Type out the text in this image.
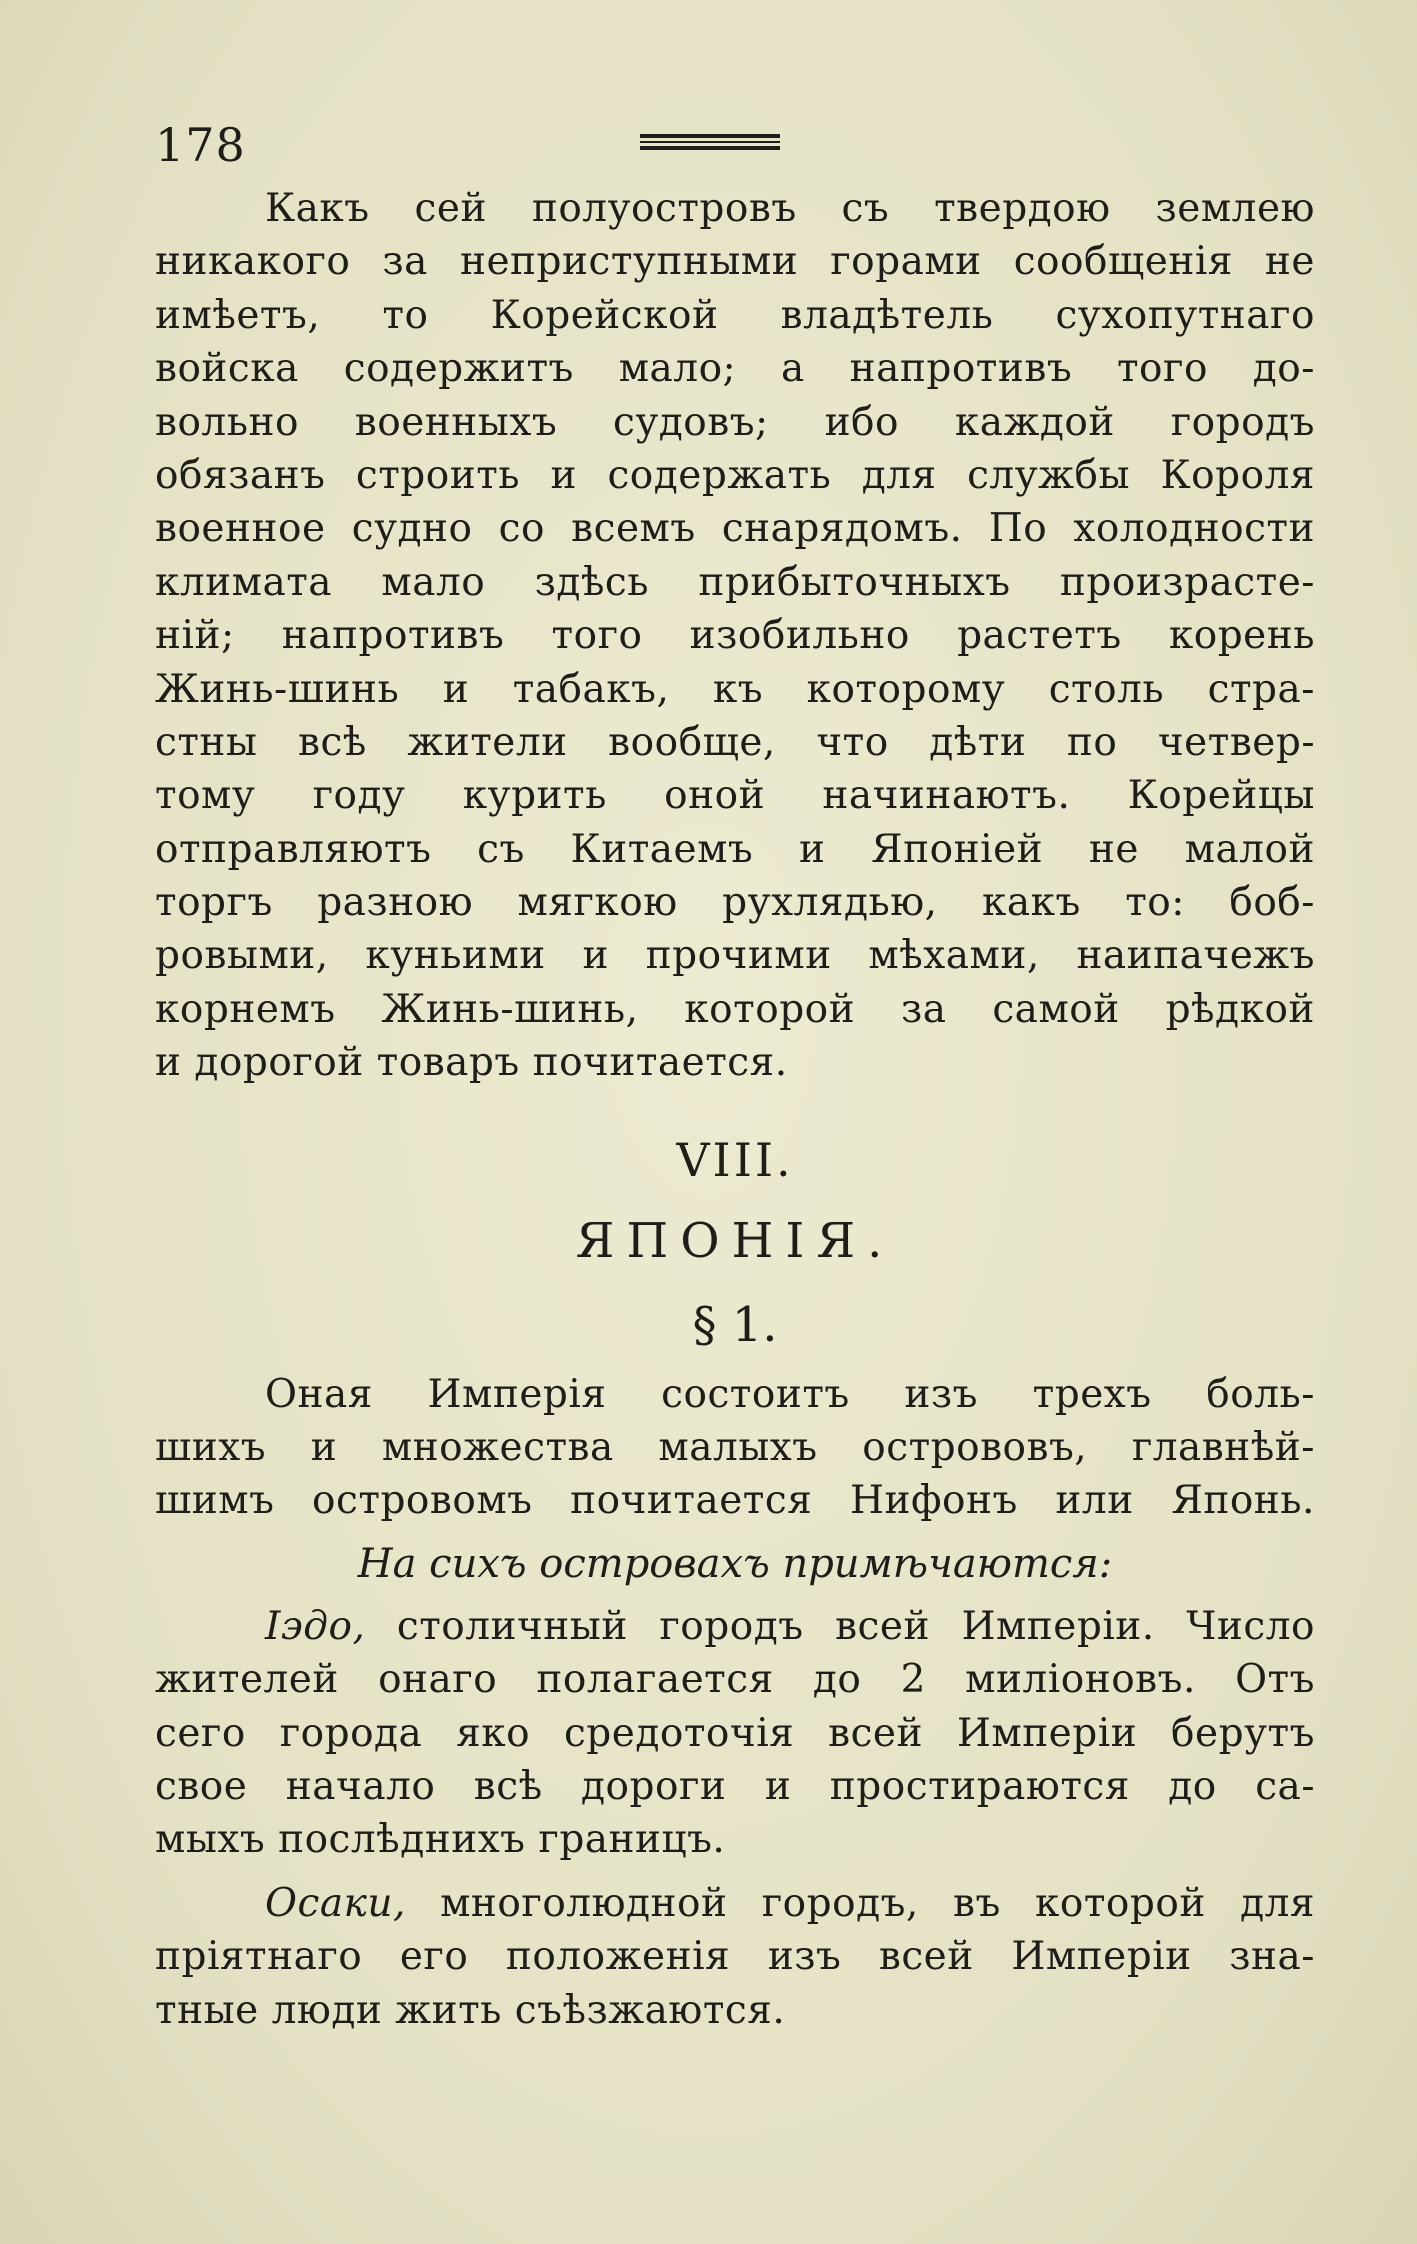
178
Какъ сей полуостровъ съ твердою землею
никакого за неприступными горами сообщенiя не
имѣетъ, то Корейской владѣтель сухопутнаго
войска содержитъ мало; а напротивъ того до-
вольно военныхъ судовъ; ибо каждой городъ
обязанъ строить и содержать для службы Короля
военное судно со всемъ снарядомъ. По холодности
климата мало здѣсь прибыточныхъ произрасте-
нiй; напротивъ того изобильно растетъ корень
Жинь-шинь и табакъ, къ которому столь стра-
стны всѣ жители вообще, что дѣти по четвер-
тому году курить оной начинаютъ. Корейцы
отправляютъ съ Китаемъ и Японiей не малой
торгъ разною мягкою рухлядью, какъ то: боб-
ровыми, куньими и прочими мѣхами, наипачежъ
корнемъ Жинь-шинь, которой за самой рѣдкой
и дорогой товаръ почитается.
VIII.
ЯПОНIЯ.
§ 1.
Оная Имперiя состоитъ изъ трехъ боль-
шихъ и множества малыхъ острововъ, главнѣй-
шимъ островомъ почитается Нифонъ или Японь.
На сихъ островахъ примѣчаются:
Iэдо, столичный городъ всей Имперiи. Число
жителей онаго полагается до 2 милiоновъ. Отъ
сего города яко средоточiя всей Имперiи берутъ
свое начало всѣ дороги и простираются до са-
мыхъ послѣднихъ границъ.
Осаки, многолюдной городъ, въ которой для
прiятнаго его положенiя изъ всей Имперiи зна-
тные люди жить съѣзжаются.
